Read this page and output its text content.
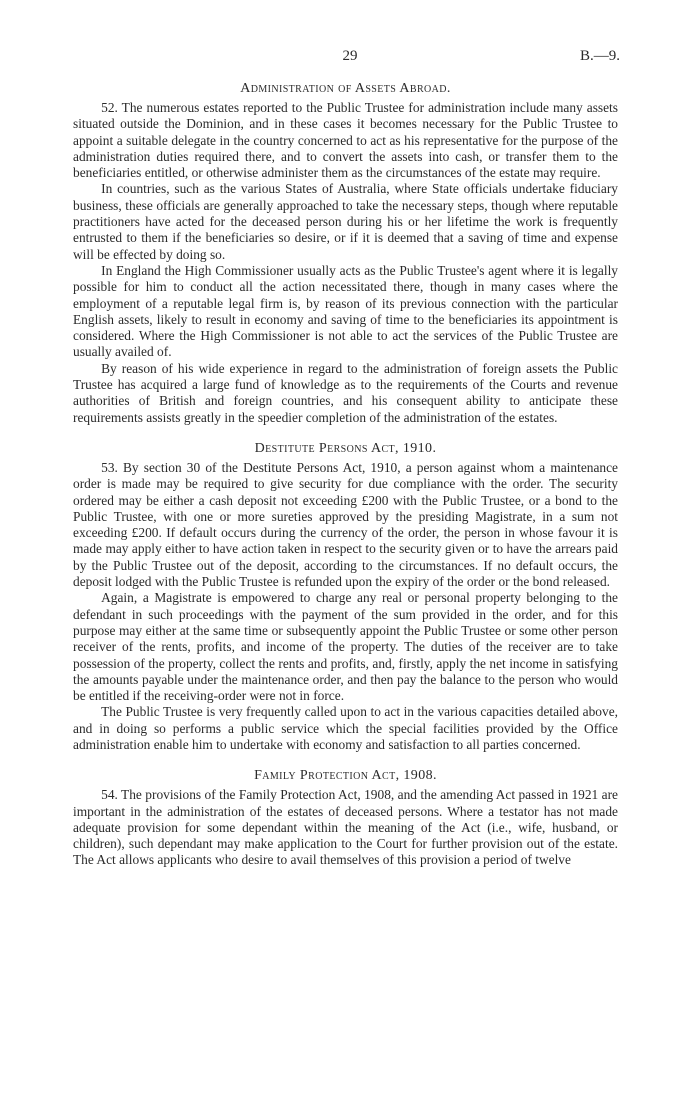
29	B.—9.
Administration of Assets Abroad.

52. The numerous estates reported to the Public Trustee for administration include many assets situated outside the Dominion, and in these cases it becomes necessary for the Public Trustee to appoint a suitable delegate in the country concerned to act as his representative for the purpose of the administration duties required there, and to convert the assets into cash, or transfer them to the beneficiaries entitled, or otherwise administer them as the circumstances of the estate may require.

In countries, such as the various States of Australia, where State officials undertake fiduciary business, these officials are generally approached to take the necessary steps, though where reputable practitioners have acted for the deceased person during his or her lifetime the work is frequently entrusted to them if the beneficiaries so desire, or if it is deemed that a saving of time and expense will be effected by doing so.

In England the High Commissioner usually acts as the Public Trustee's agent where it is legally possible for him to conduct all the action necessitated there, though in many cases where the employment of a reputable legal firm is, by reason of its previous connection with the particular English assets, likely to result in economy and saving of time to the beneficiaries its appointment is considered. Where the High Commissioner is not able to act the services of the Public Trustee are usually availed of.

By reason of his wide experience in regard to the administration of foreign assets the Public Trustee has acquired a large fund of knowledge as to the requirements of the Courts and revenue authorities of British and foreign countries, and his consequent ability to anticipate these requirements assists greatly in the speedier completion of the administration of the estates.

Destitute Persons Act, 1910.

53. By section 30 of the Destitute Persons Act, 1910, a person against whom a maintenance order is made may be required to give security for due compliance with the order. The security ordered may be either a cash deposit not exceeding £200 with the Public Trustee, or a bond to the Public Trustee, with one or more sureties approved by the presiding Magistrate, in a sum not exceeding £200. If default occurs during the currency of the order, the person in whose favour it is made may apply either to have action taken in respect to the security given or to have the arrears paid by the Public Trustee out of the deposit, according to the circumstances. If no default occurs, the deposit lodged with the Public Trustee is refunded upon the expiry of the order or the bond released.

Again, a Magistrate is empowered to charge any real or personal property belonging to the defendant in such proceedings with the payment of the sum provided in the order, and for this purpose may either at the same time or subsequently appoint the Public Trustee or some other person receiver of the rents, profits, and income of the property. The duties of the receiver are to take possession of the property, collect the rents and profits, and, firstly, apply the net income in satisfying the amounts payable under the maintenance order, and then pay the balance to the person who would be entitled if the receiving-order were not in force.

The Public Trustee is very frequently called upon to act in the various capacities detailed above, and in doing so performs a public service which the special facilities provided by the Office administration enable him to undertake with economy and satisfaction to all parties concerned.

Family Protection Act, 1908.

54. The provisions of the Family Protection Act, 1908, and the amending Act passed in 1921 are important in the administration of the estates of deceased persons. Where a testator has not made adequate provision for some dependant within the meaning of the Act (i.e., wife, husband, or children), such dependant may make application to the Court for further provision out of the estate. The Act allows applicants who desire to avail themselves of this provision a period of twelve
